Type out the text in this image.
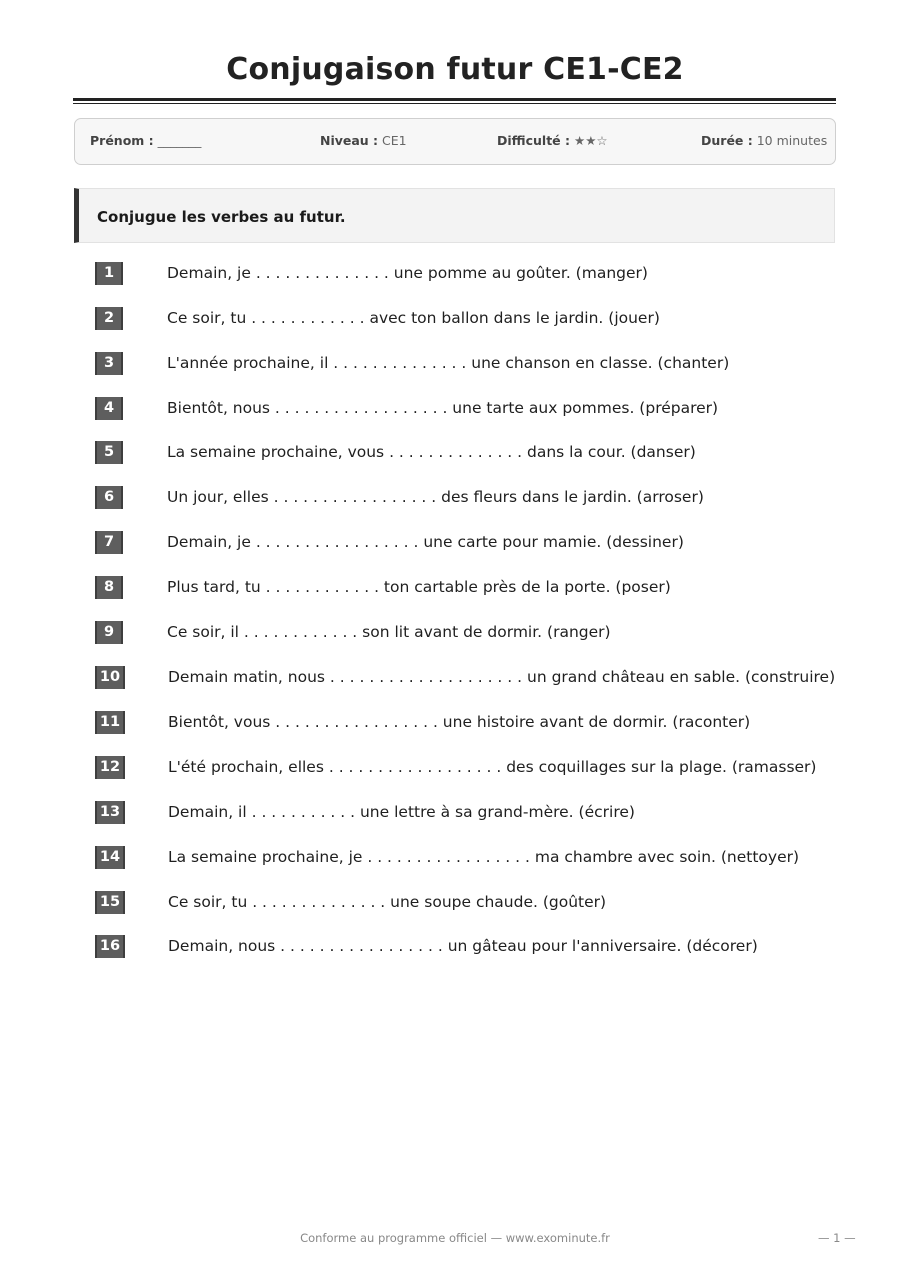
Conjugaison futur CE1-CE2
Prénom : _______	Niveau : CE1	Difficulté : ★★☆	Durée : 10 minutes
Conjugue les verbes au futur.
1	Demain, je . . . . . . . . . . . . . . une pomme au goûter. (manger)
2	Ce soir, tu . . . . . . . . . . . . avec ton ballon dans le jardin. (jouer)
3	L'année prochaine, il . . . . . . . . . . . . . . une chanson en classe. (chanter)
4	Bientôt, nous . . . . . . . . . . . . . . . . . . une tarte aux pommes. (préparer)
5	La semaine prochaine, vous . . . . . . . . . . . . . . dans la cour. (danser)
6	Un jour, elles . . . . . . . . . . . . . . . . . des fleurs dans le jardin. (arroser)
7	Demain, je . . . . . . . . . . . . . . . . . une carte pour mamie. (dessiner)
8	Plus tard, tu . . . . . . . . . . . . ton cartable près de la porte. (poser)
9	Ce soir, il . . . . . . . . . . . . son lit avant de dormir. (ranger)
10	Demain matin, nous . . . . . . . . . . . . . . . . . . . . un grand château en sable. (construire)
11	Bientôt, vous . . . . . . . . . . . . . . . . . une histoire avant de dormir. (raconter)
12	L'été prochain, elles . . . . . . . . . . . . . . . . . . des coquillages sur la plage. (ramasser)
13	Demain, il . . . . . . . . . . . une lettre à sa grand-mère. (écrire)
14	La semaine prochaine, je . . . . . . . . . . . . . . . . . ma chambre avec soin. (nettoyer)
15	Ce soir, tu . . . . . . . . . . . . . . une soupe chaude. (goûter)
16	Demain, nous . . . . . . . . . . . . . . . . . un gâteau pour l'anniversaire. (décorer)
Conforme au programme officiel — www.exominute.fr	— 1 —
